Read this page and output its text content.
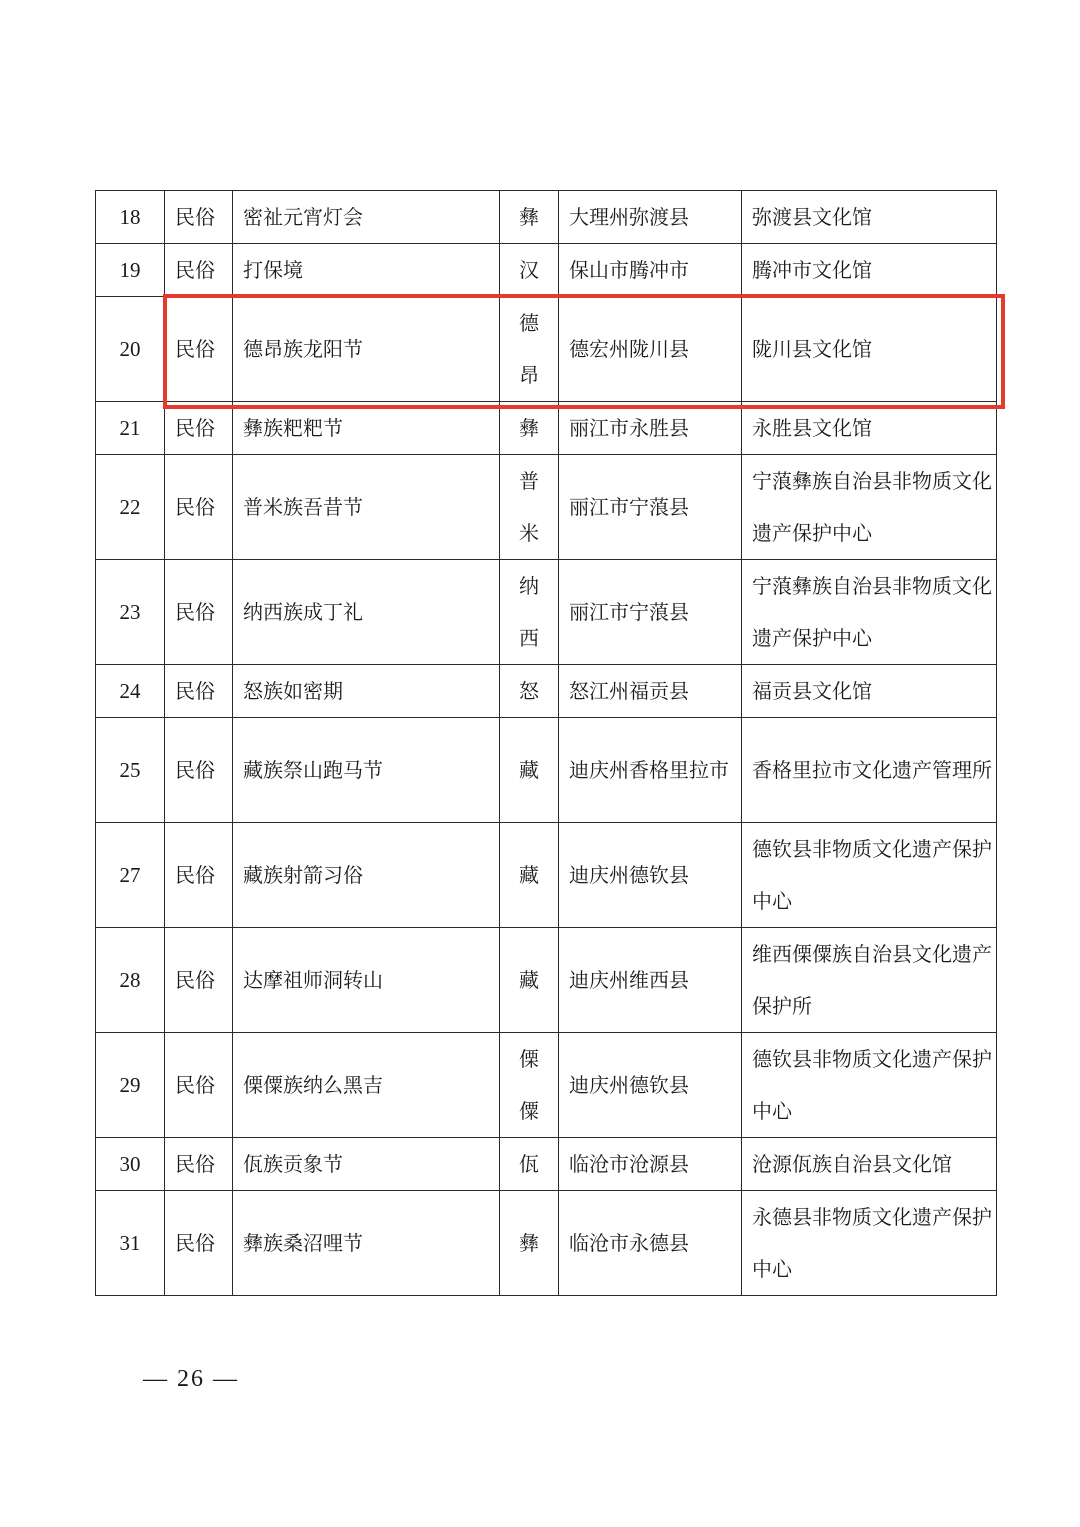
18	民俗	密祉元宵灯会	彝	大理州弥渡县	弥渡县文化馆
19	民俗	打保境	汉	保山市腾冲市	腾冲市文化馆
20	民俗	德昂族龙阳节	德昂	德宏州陇川县	陇川县文化馆
21	民俗	彝族粑粑节	彝	丽江市永胜县	永胜县文化馆
22	民俗	普米族吾昔节	普米	丽江市宁蒗县	宁蒗彝族自治县非物质文化遗产保护中心
23	民俗	纳西族成丁礼	纳西	丽江市宁蒗县	宁蒗彝族自治县非物质文化遗产保护中心
24	民俗	怒族如密期	怒	怒江州福贡县	福贡县文化馆
25	民俗	藏族祭山跑马节	藏	迪庆州香格里拉市	香格里拉市文化遗产管理所
27	民俗	藏族射箭习俗	藏	迪庆州德钦县	德钦县非物质文化遗产保护中心
28	民俗	达摩祖师洞转山	藏	迪庆州维西县	维西傈僳族自治县文化遗产保护所
29	民俗	傈僳族纳么黑吉	傈僳	迪庆州德钦县	德钦县非物质文化遗产保护中心
30	民俗	佤族贡象节	佤	临沧市沧源县	沧源佤族自治县文化馆
31	民俗	彝族桑沼哩节	彝	临沧市永德县	永德县非物质文化遗产保护中心
— 26 —
